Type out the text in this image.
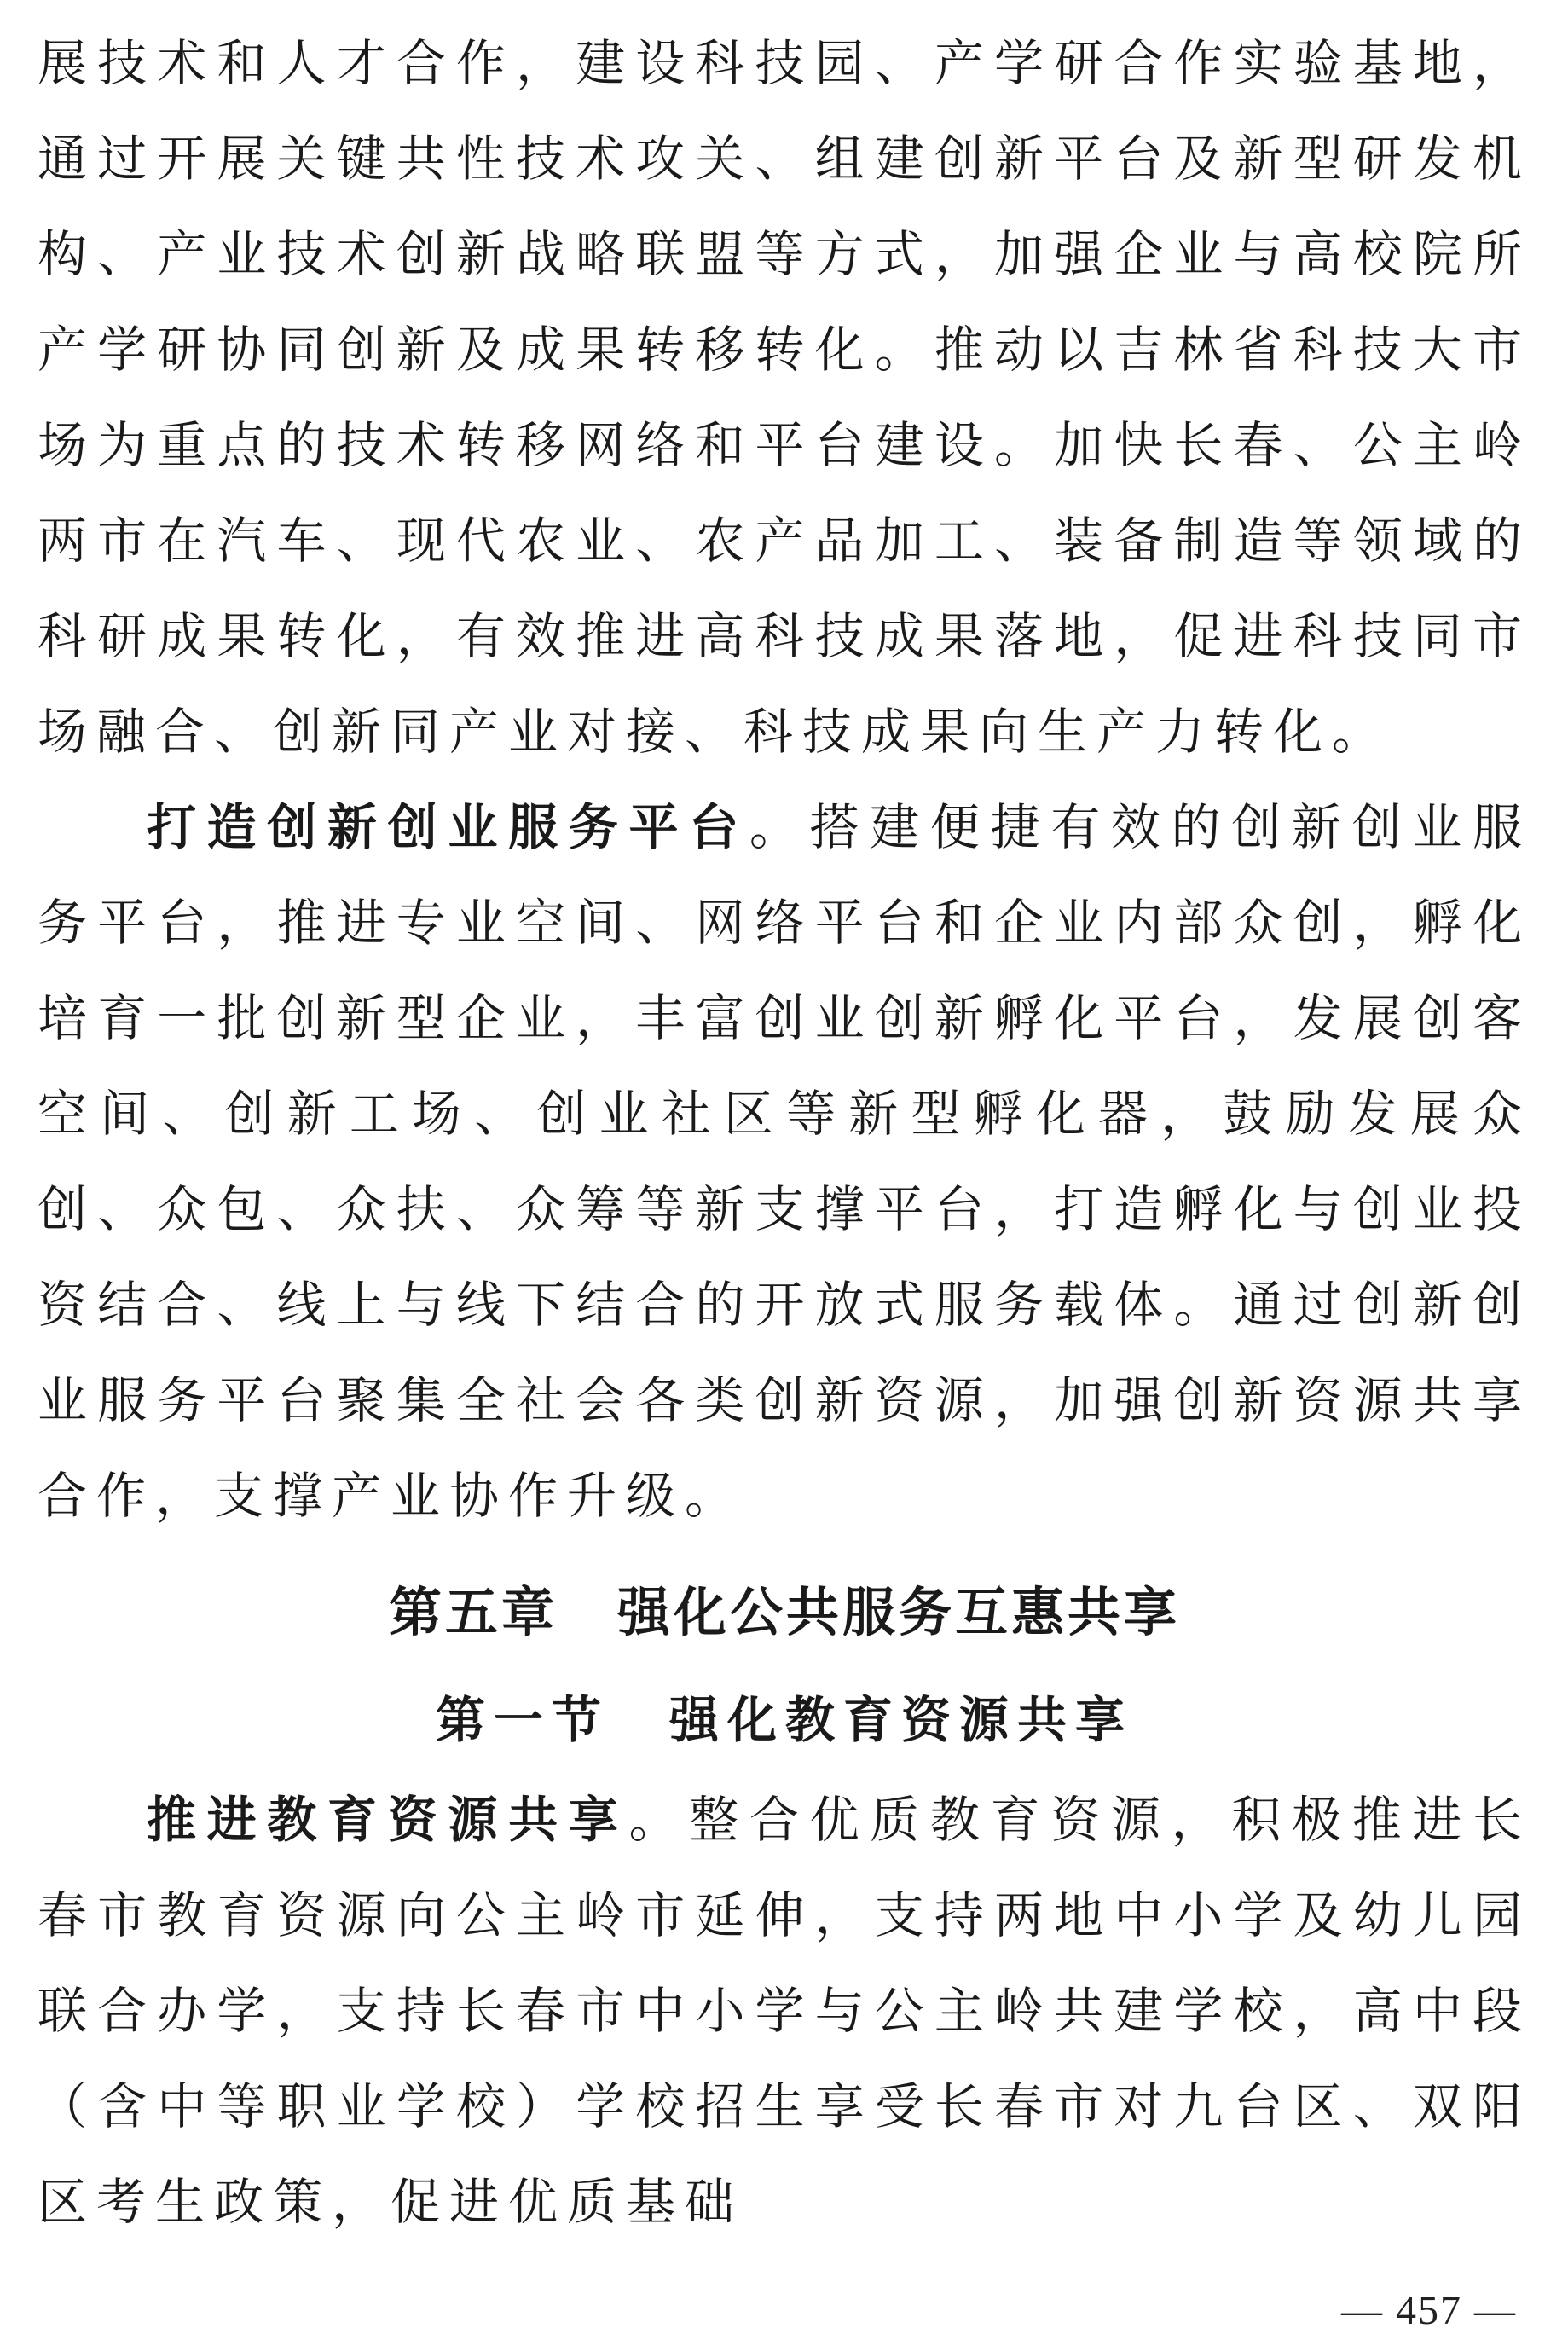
展技术和人才合作，建设科技园、产学研合作实验基地，通过开展关键共性技术攻关、组建创新平台及新型研发机构、产业技术创新战略联盟等方式，加强企业与高校院所产学研协同创新及成果转移转化。推动以吉林省科技大市场为重点的技术转移网络和平台建设。加快长春、公主岭两市在汽车、现代农业、农产品加工、装备制造等领域的科研成果转化，有效推进高科技成果落地，促进科技同市场融合、创新同产业对接、科技成果向生产力转化。

打造创新创业服务平台。搭建便捷有效的创新创业服务平台，推进专业空间、网络平台和企业内部众创，孵化培育一批创新型企业，丰富创业创新孵化平台，发展创客空间、创新工场、创业社区等新型孵化器，鼓励发展众创、众包、众扶、众筹等新支撑平台，打造孵化与创业投资结合、线上与线下结合的开放式服务载体。通过创新创业服务平台聚集全社会各类创新资源，加强创新资源共享合作，支撑产业协作升级。

第五章 强化公共服务互惠共享
第一节 强化教育资源共享

推进教育资源共享。整合优质教育资源，积极推进长春市教育资源向公主岭市延伸，支持两地中小学及幼儿园联合办学，支持长春市中小学与公主岭共建学校，高中段（含中等职业学校）学校招生享受长春市对九台区、双阳区考生政策，促进优质基础

— 457 —
